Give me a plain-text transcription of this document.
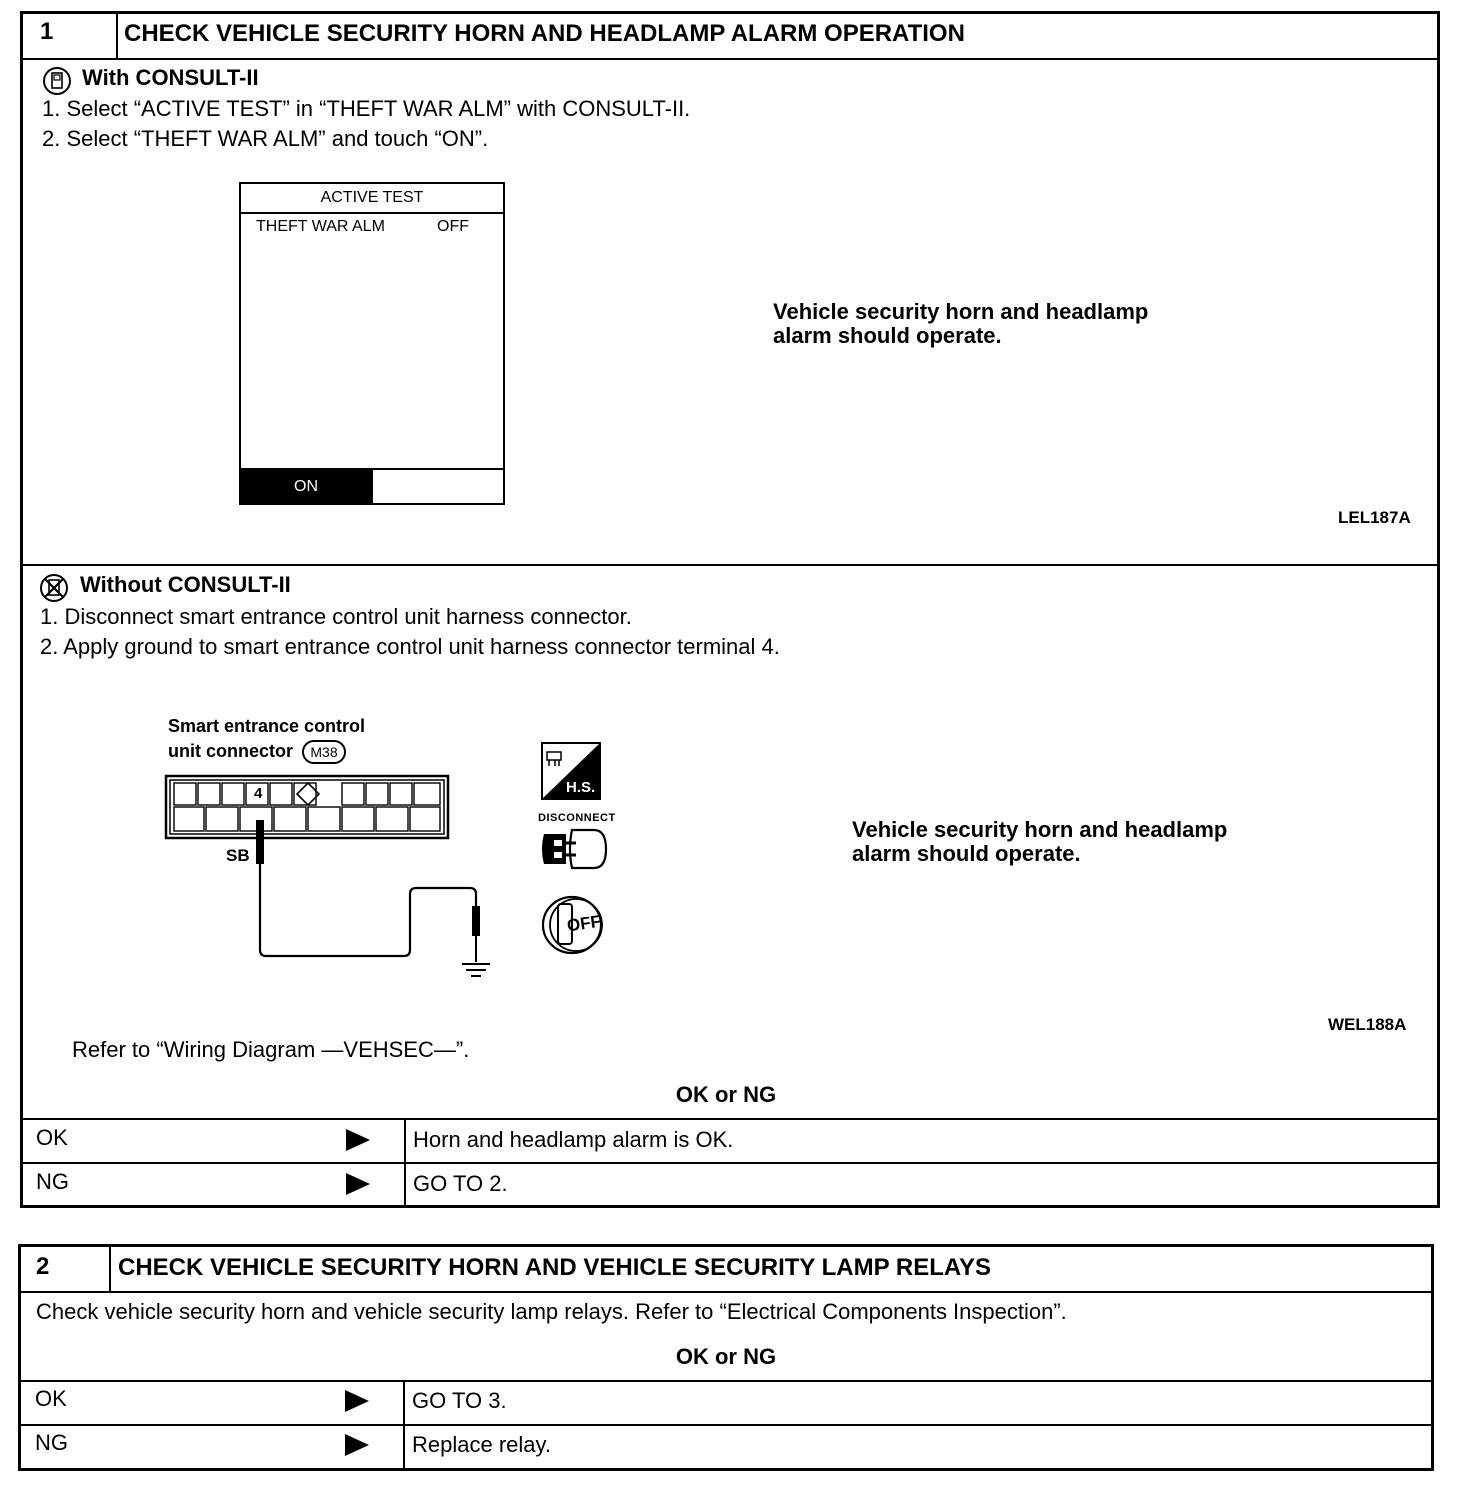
1	CHECK VEHICLE SECURITY HORN AND HEADLAMP ALARM OPERATION
With CONSULT-II
1. Select “ACTIVE TEST” in “THEFT WAR ALM” with CONSULT-II.
2. Select “THEFT WAR ALM” and touch “ON”.
ACTIVE TEST
THEFT WAR ALM	OFF
ON
Vehicle security horn and headlamp
alarm should operate.
LEL187A
Without CONSULT-II
1. Disconnect smart entrance control unit harness connector.
2. Apply ground to smart entrance control unit harness connector terminal 4.
Smart entrance control
unit connector	M38
4
SB
H.S.
DISCONNECT
OFF
Vehicle security horn and headlamp
alarm should operate.
WEL188A
Refer to “Wiring Diagram —VEHSEC—”.
OK or NG
OK	Horn and headlamp alarm is OK.
NG	GO TO 2.
2	CHECK VEHICLE SECURITY HORN AND VEHICLE SECURITY LAMP RELAYS
Check vehicle security horn and vehicle security lamp relays. Refer to “Electrical Components Inspection”.
OK or NG
OK	GO TO 3.
NG	Replace relay.
